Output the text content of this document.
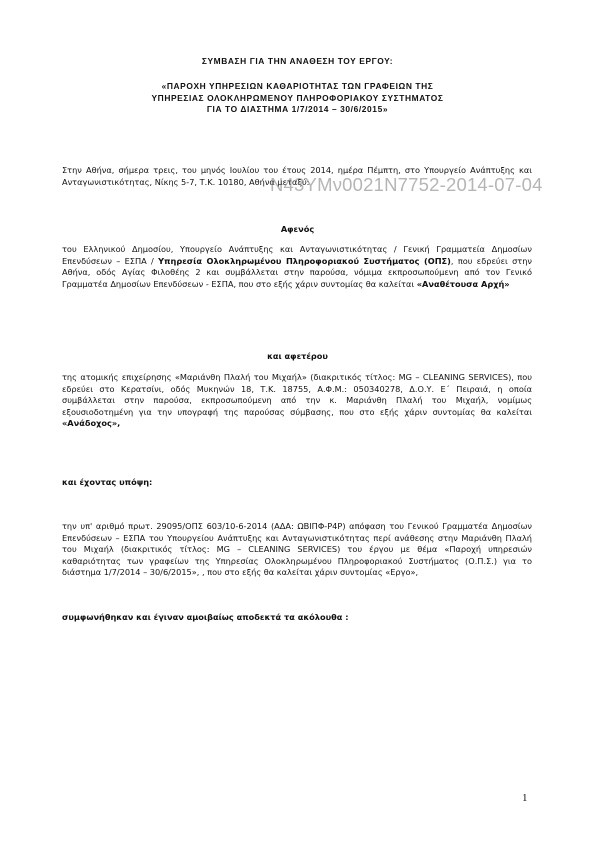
ΣΥΜΒΑΣΗ ΓΙΑ ΤΗΝ ΑΝΑΘΕΣΗ ΤΟΥ ΕΡΓΟΥ:
«ΠΑΡΟΧΗ ΥΠΗΡΕΣΙΩΝ ΚΑΘΑΡΙΟΤΗΤΑΣ ΤΩΝ ΓΡΑΦΕΙΩΝ ΤΗΣ
ΥΠΗΡΕΣΙΑΣ ΟΛΟΚΛΗΡΩΜΕΝΟΥ ΠΛΗΡΟΦΟΡΙΑΚΟΥ ΣΥΣΤΗΜΑΤΟΣ
ΓΙΑ ΤΟ ΔΙΑΣΤΗΜΑ 1/7/2014 – 30/6/2015»
Στην Αθήνα, σήμερα τρεις, του μηνός Ιουλίου του έτους 2014, ημέρα Πέμπτη, στο Υπουργείο Ανάπτυξης και Ανταγωνιστικότητας, Νίκης 5-7, Τ.Κ. 10180, Αθήνα μεταξύ:
Ν43ΥΜν0021Ν7752-2014-07-04
Αφενός
του Ελληνικού Δημοσίου, Υπουργείο Ανάπτυξης και Ανταγωνιστικότητας / Γενική Γραμματεία Δημοσίων Επενδύσεων – ΕΣΠΑ / Υπηρεσία Ολοκληρωμένου Πληροφοριακού Συστήματος (ΟΠΣ), που εδρεύει στην Αθήνα, οδός Αγίας Φιλοθέης 2 και συμβάλλεται στην παρούσα, νόμιμα εκπροσωπούμενη από τον Γενικό Γραμματέα Δημοσίων Επενδύσεων - ΕΣΠΑ, που στο εξής χάριν συντομίας θα καλείται «Αναθέτουσα Αρχή»
και αφετέρου
της ατομικής επιχείρησης «Μαριάνθη Πλαλή του Μιχαήλ» (διακριτικός τίτλος: MG – CLEANING SERVICES), που εδρεύει στο Κερατσίνι, οδός Μυκηνών 18, Τ.Κ. 18755, Α.Φ.Μ.: 050340278, Δ.Ο.Υ. Ε΄ Πειραιά, η οποία συμβάλλεται στην παρούσα, εκπροσωπούμενη από την κ. Μαριάνθη Πλαλή του Μιχαήλ, νομίμως εξουσιοδοτημένη για την υπογραφή της παρούσας σύμβασης, που στο εξής χάριν συντομίας θα καλείται «Ανάδοχος»,
και έχοντας υπόψη:
την υπ' αριθμό πρωτ. 29095/ΟΠΣ 603/10-6-2014 (ΑΔΑ: ΩΒΙΠΦ-Ρ4Ρ) απόφαση του Γενικού Γραμματέα Δημοσίων Επενδύσεων – ΕΣΠΑ του Υπουργείου Ανάπτυξης και Ανταγωνιστικότητας περί ανάθεσης στην Μαριάνθη Πλαλή του Μιχαήλ (διακριτικός τίτλος: MG – CLEANING SERVICES) του έργου με θέμα «Παροχή υπηρεσιών καθαριότητας των γραφείων της Υπηρεσίας Ολοκληρωμένου Πληροφοριακού Συστήματος (Ο.Π.Σ.) για το διάστημα 1/7/2014 – 30/6/2015», , που στο εξής θα καλείται χάριν συντομίας «Εργο»,
συμφωνήθηκαν και έγιναν αμοιβαίως αποδεκτά τα ακόλουθα :
1
